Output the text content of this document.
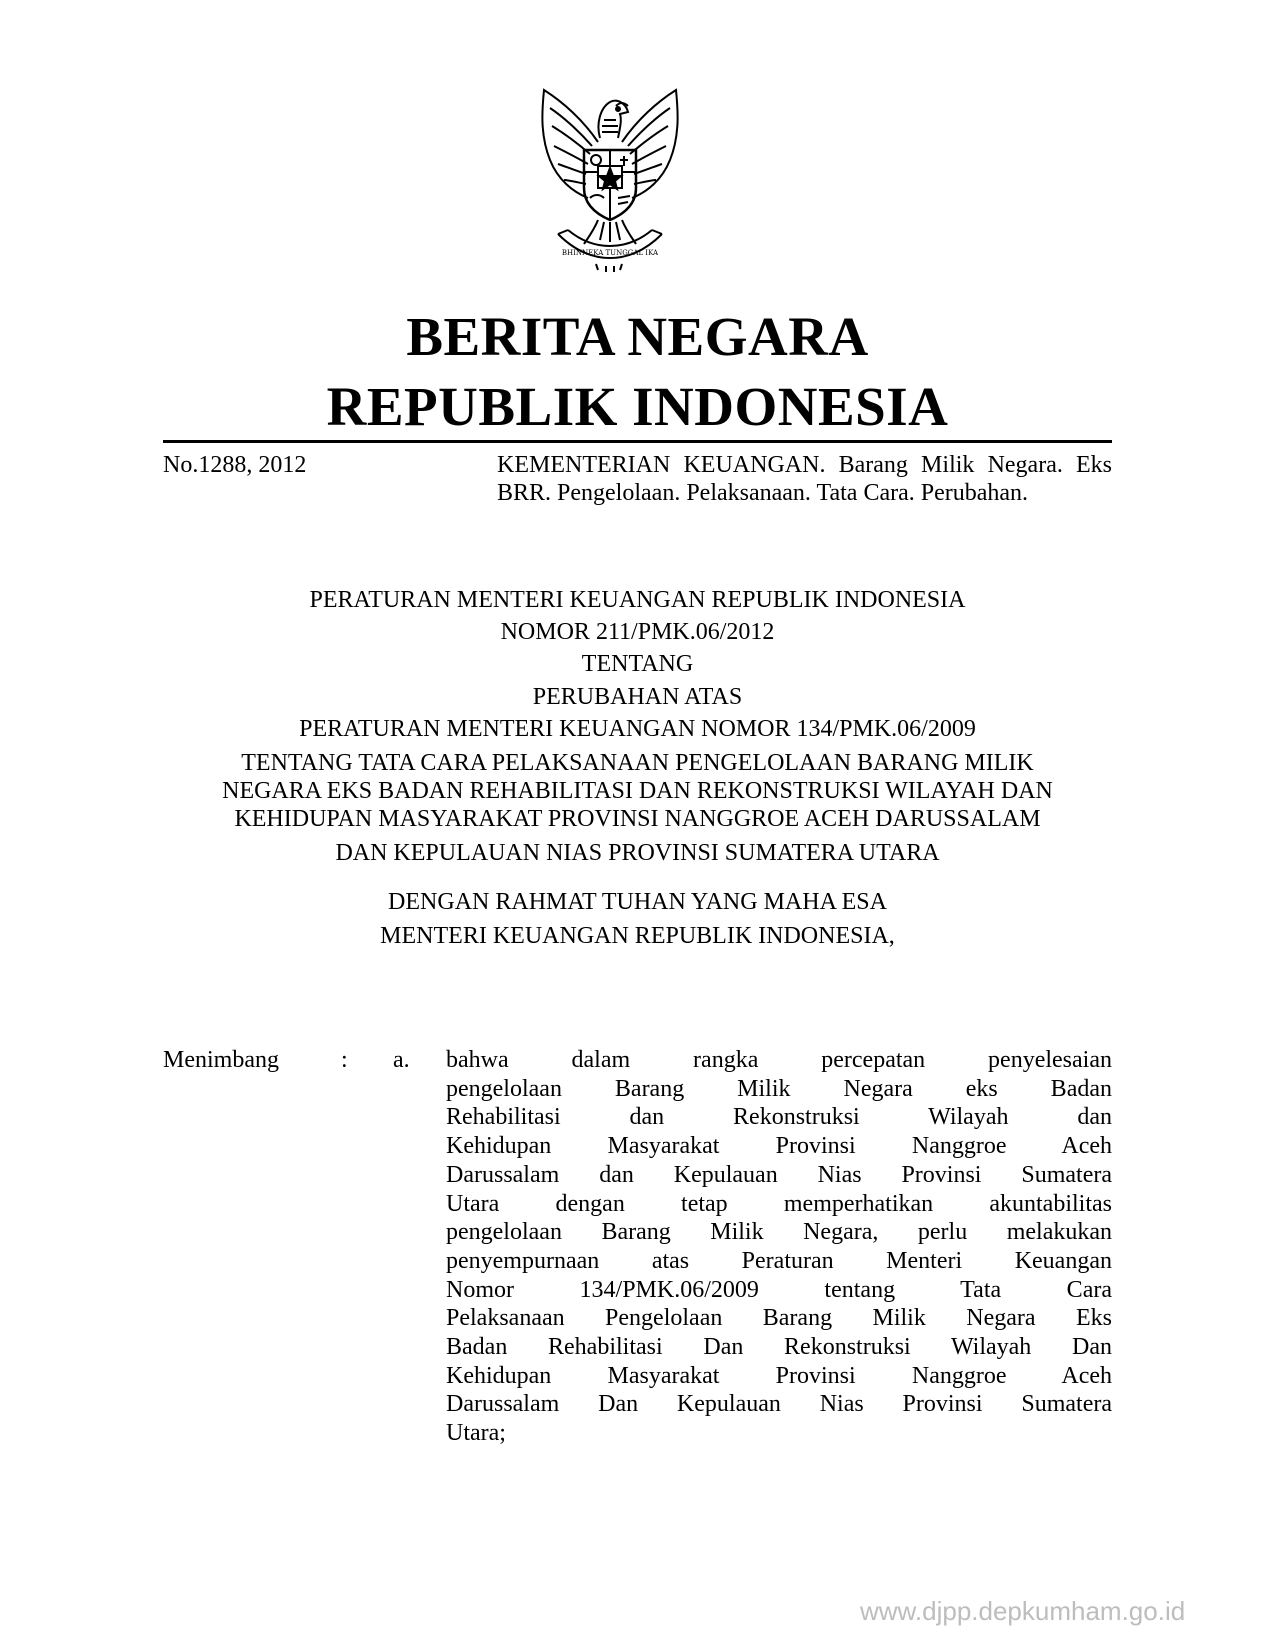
BHINNEKA TUNGGAL IKA
BERITA NEGARA
REPUBLIK INDONESIA
No.1288, 2012	KEMENTERIAN KEUANGAN. Barang Milik Negara. Eks BRR. Pengelolaan. Pelaksanaan. Tata Cara. Perubahan.

PERATURAN MENTERI KEUANGAN REPUBLIK INDONESIA

NOMOR 211/PMK.06/2012

TENTANG

PERUBAHAN ATAS

PERATURAN MENTERI KEUANGAN NOMOR 134/PMK.06/2009

TENTANG TATA CARA PELAKSANAAN PENGELOLAAN BARANG MILIK

NEGARA EKS BADAN REHABILITASI DAN REKONSTRUKSI WILAYAH DAN

KEHIDUPAN MASYARAKAT PROVINSI NANGGROE ACEH DARUSSALAM

DAN KEPULAUAN NIAS PROVINSI SUMATERA UTARA

DENGAN RAHMAT TUHAN YANG MAHA ESA

MENTERI KEUANGAN REPUBLIK INDONESIA,

Menimbang	: a. bahwa dalam rangka percepatan penyelesaian
pengelolaan Barang Milik Negara eks Badan
Rehabilitasi dan Rekonstruksi Wilayah dan
Kehidupan Masyarakat Provinsi Nanggroe Aceh
Darussalam dan Kepulauan Nias Provinsi Sumatera
Utara dengan tetap memperhatikan akuntabilitas
pengelolaan Barang Milik Negara, perlu melakukan
penyempurnaan atas Peraturan Menteri Keuangan
Nomor 134/PMK.06/2009 tentang Tata Cara
Pelaksanaan Pengelolaan Barang Milik Negara Eks
Badan Rehabilitasi Dan Rekonstruksi Wilayah Dan
Kehidupan Masyarakat Provinsi Nanggroe Aceh
Darussalam Dan Kepulauan Nias Provinsi Sumatera
Utara;
www.djpp.depkumham.go.id
